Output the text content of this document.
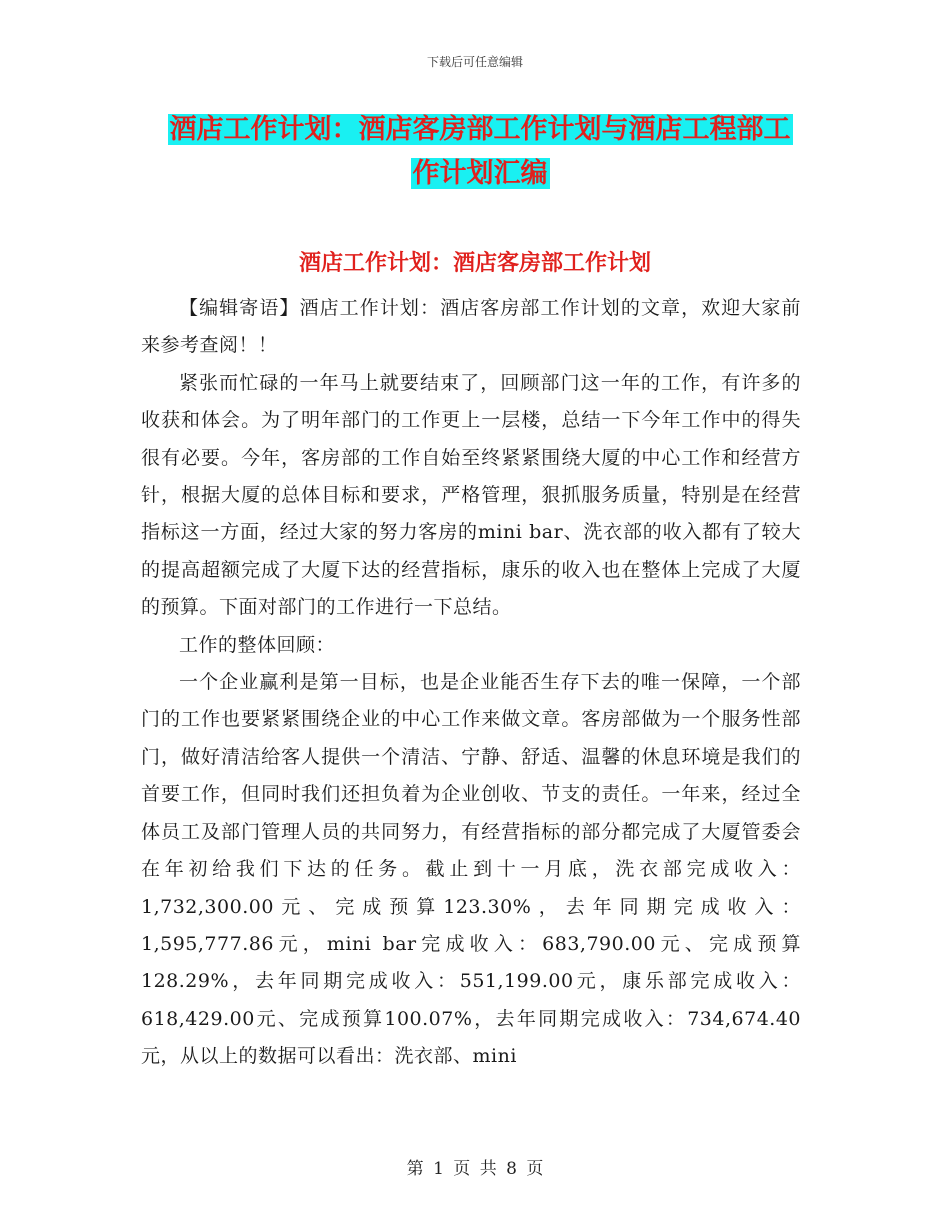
下载后可任意编辑
酒店工作计划：酒店客房部工作计划与酒店工程部工
作计划汇编
酒店工作计划：酒店客房部工作计划

【编辑寄语】酒店工作计划：酒店客房部工作计划的文章，欢迎大家前来参考查阅！！

紧张而忙碌的一年马上就要结束了，回顾部门这一年的工作，有许多的收获和体会。为了明年部门的工作更上一层楼，总结一下今年工作中的得失很有必要。今年，客房部的工作自始至终紧紧围绕大厦的中心工作和经营方针，根据大厦的总体目标和要求，严格管理，狠抓服务质量，特别是在经营指标这一方面，经过大家的努力客房的mini bar、洗衣部的收入都有了较大的提高超额完成了大厦下达的经营指标，康乐的收入也在整体上完成了大厦的预算。下面对部门的工作进行一下总结。

工作的整体回顾：

一个企业赢利是第一目标，也是企业能否生存下去的唯一保障，一个部门的工作也要紧紧围绕企业的中心工作来做文章。客房部做为一个服务性部门，做好清洁给客人提供一个清洁、宁静、舒适、温馨的休息环境是我们的首要工作，但同时我们还担负着为企业创收、节支的责任。一年来，经过全体员工及部门管理人员的共同努力，有经营指标的部分都完成了大厦管委会在年初给我们下达的任务。截止到十一月底，洗衣部完成收入：1,732,300.00元、完成预算123.30%，去年同期完成收入：1,595,777.86元，mini bar完成收入：683,790.00元、完成预算128.29%，去年同期完成收入：551,199.00元，康乐部完成收入：618,429.00元、完成预算100.07%，去年同期完成收入：734,674.40元，从以上的数据可以看出：洗衣部、mini

第 1 页 共 8 页
